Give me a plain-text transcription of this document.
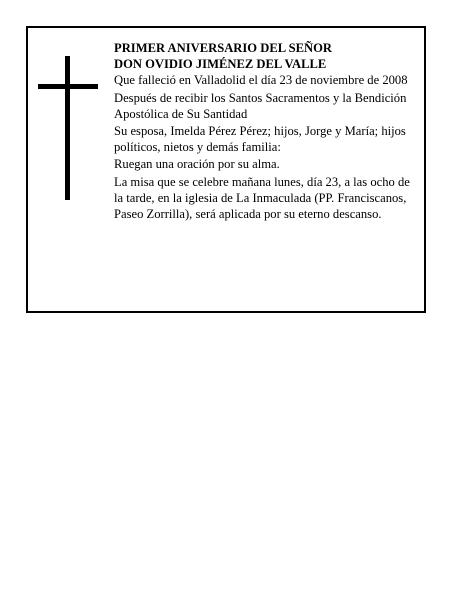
PRIMER ANIVERSARIO DEL SEÑOR
DON OVIDIO JIMÉNEZ DEL VALLE

Que falleció en Valladolid el día 23 de noviembre de 2008

Después de recibir los Santos Sacramentos y la Bendición Apostólica de Su Santidad

Su esposa, Imelda Pérez Pérez; hijos, Jorge y María; hijos políticos, nietos y demás familia:

Ruegan una oración por su alma.

La misa que se celebre mañana lunes, día 23, a las ocho de la tarde, en la iglesia de La Inmaculada (PP. Franciscanos, Paseo Zorrilla), será aplicada por su eterno descanso.
